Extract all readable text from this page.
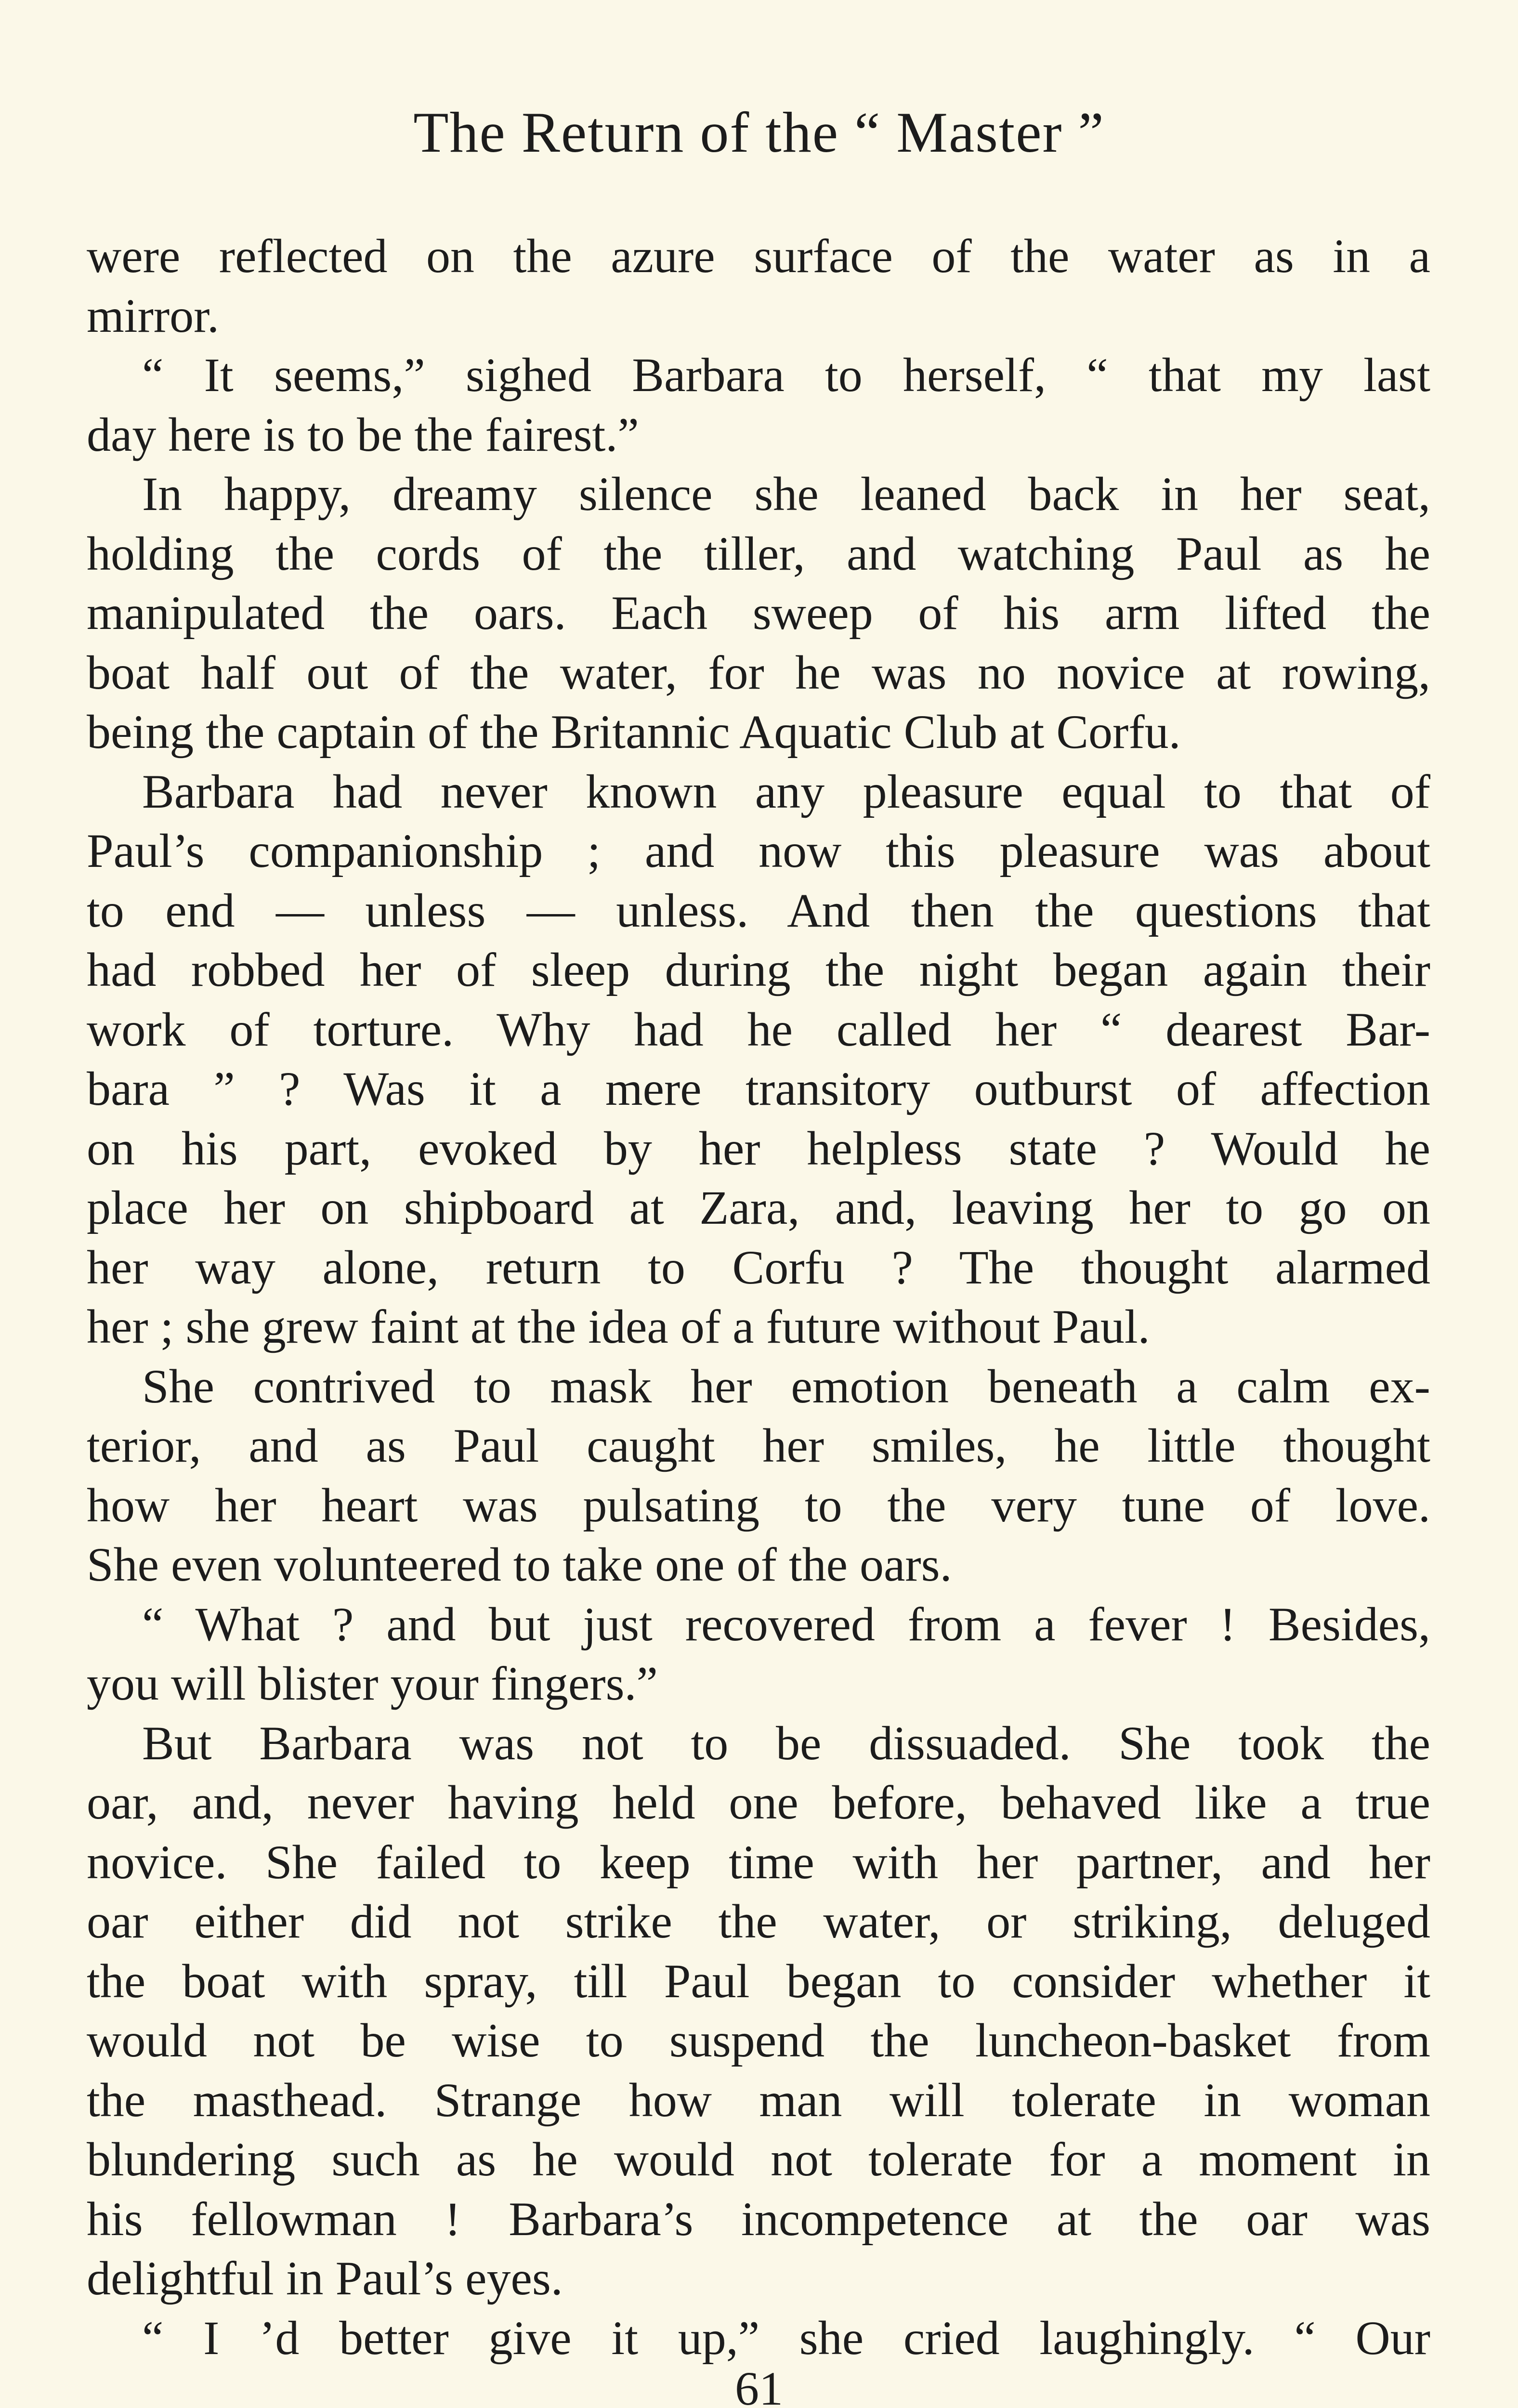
The Return of the “ Master ”
were reflected on the azure surface of the water as in a
mirror.
“ It seems,” sighed Barbara to herself, “ that my last
day here is to be the fairest.”
In happy, dreamy silence she leaned back in her seat,
holding the cords of the tiller, and watching Paul as he
manipulated the oars. Each sweep of his arm lifted the
boat half out of the water, for he was no novice at rowing,
being the captain of the Britannic Aquatic Club at Corfu.
Barbara had never known any pleasure equal to that of
Paul’s companionship ; and now this pleasure was about
to end — unless — unless. And then the questions that
had robbed her of sleep during the night began again their
work of torture. Why had he called her “ dearest Bar-
bara ” ? Was it a mere transitory outburst of affection
on his part, evoked by her helpless state ? Would he
place her on shipboard at Zara, and, leaving her to go on
her way alone, return to Corfu ? The thought alarmed
her ; she grew faint at the idea of a future without Paul.
She contrived to mask her emotion beneath a calm ex-
terior, and as Paul caught her smiles, he little thought
how her heart was pulsating to the very tune of love.
She even volunteered to take one of the oars.
“ What ? and but just recovered from a fever ! Besides,
you will blister your fingers.”
But Barbara was not to be dissuaded. She took the
oar, and, never having held one before, behaved like a true
novice. She failed to keep time with her partner, and her
oar either did not strike the water, or striking, deluged
the boat with spray, till Paul began to consider whether it
would not be wise to suspend the luncheon-basket from
the masthead. Strange how man will tolerate in woman
blundering such as he would not tolerate for a moment in
his fellowman ! Barbara’s incompetence at the oar was
delightful in Paul’s eyes.
“ I ’d better give it up,” she cried laughingly. “ Our
61
